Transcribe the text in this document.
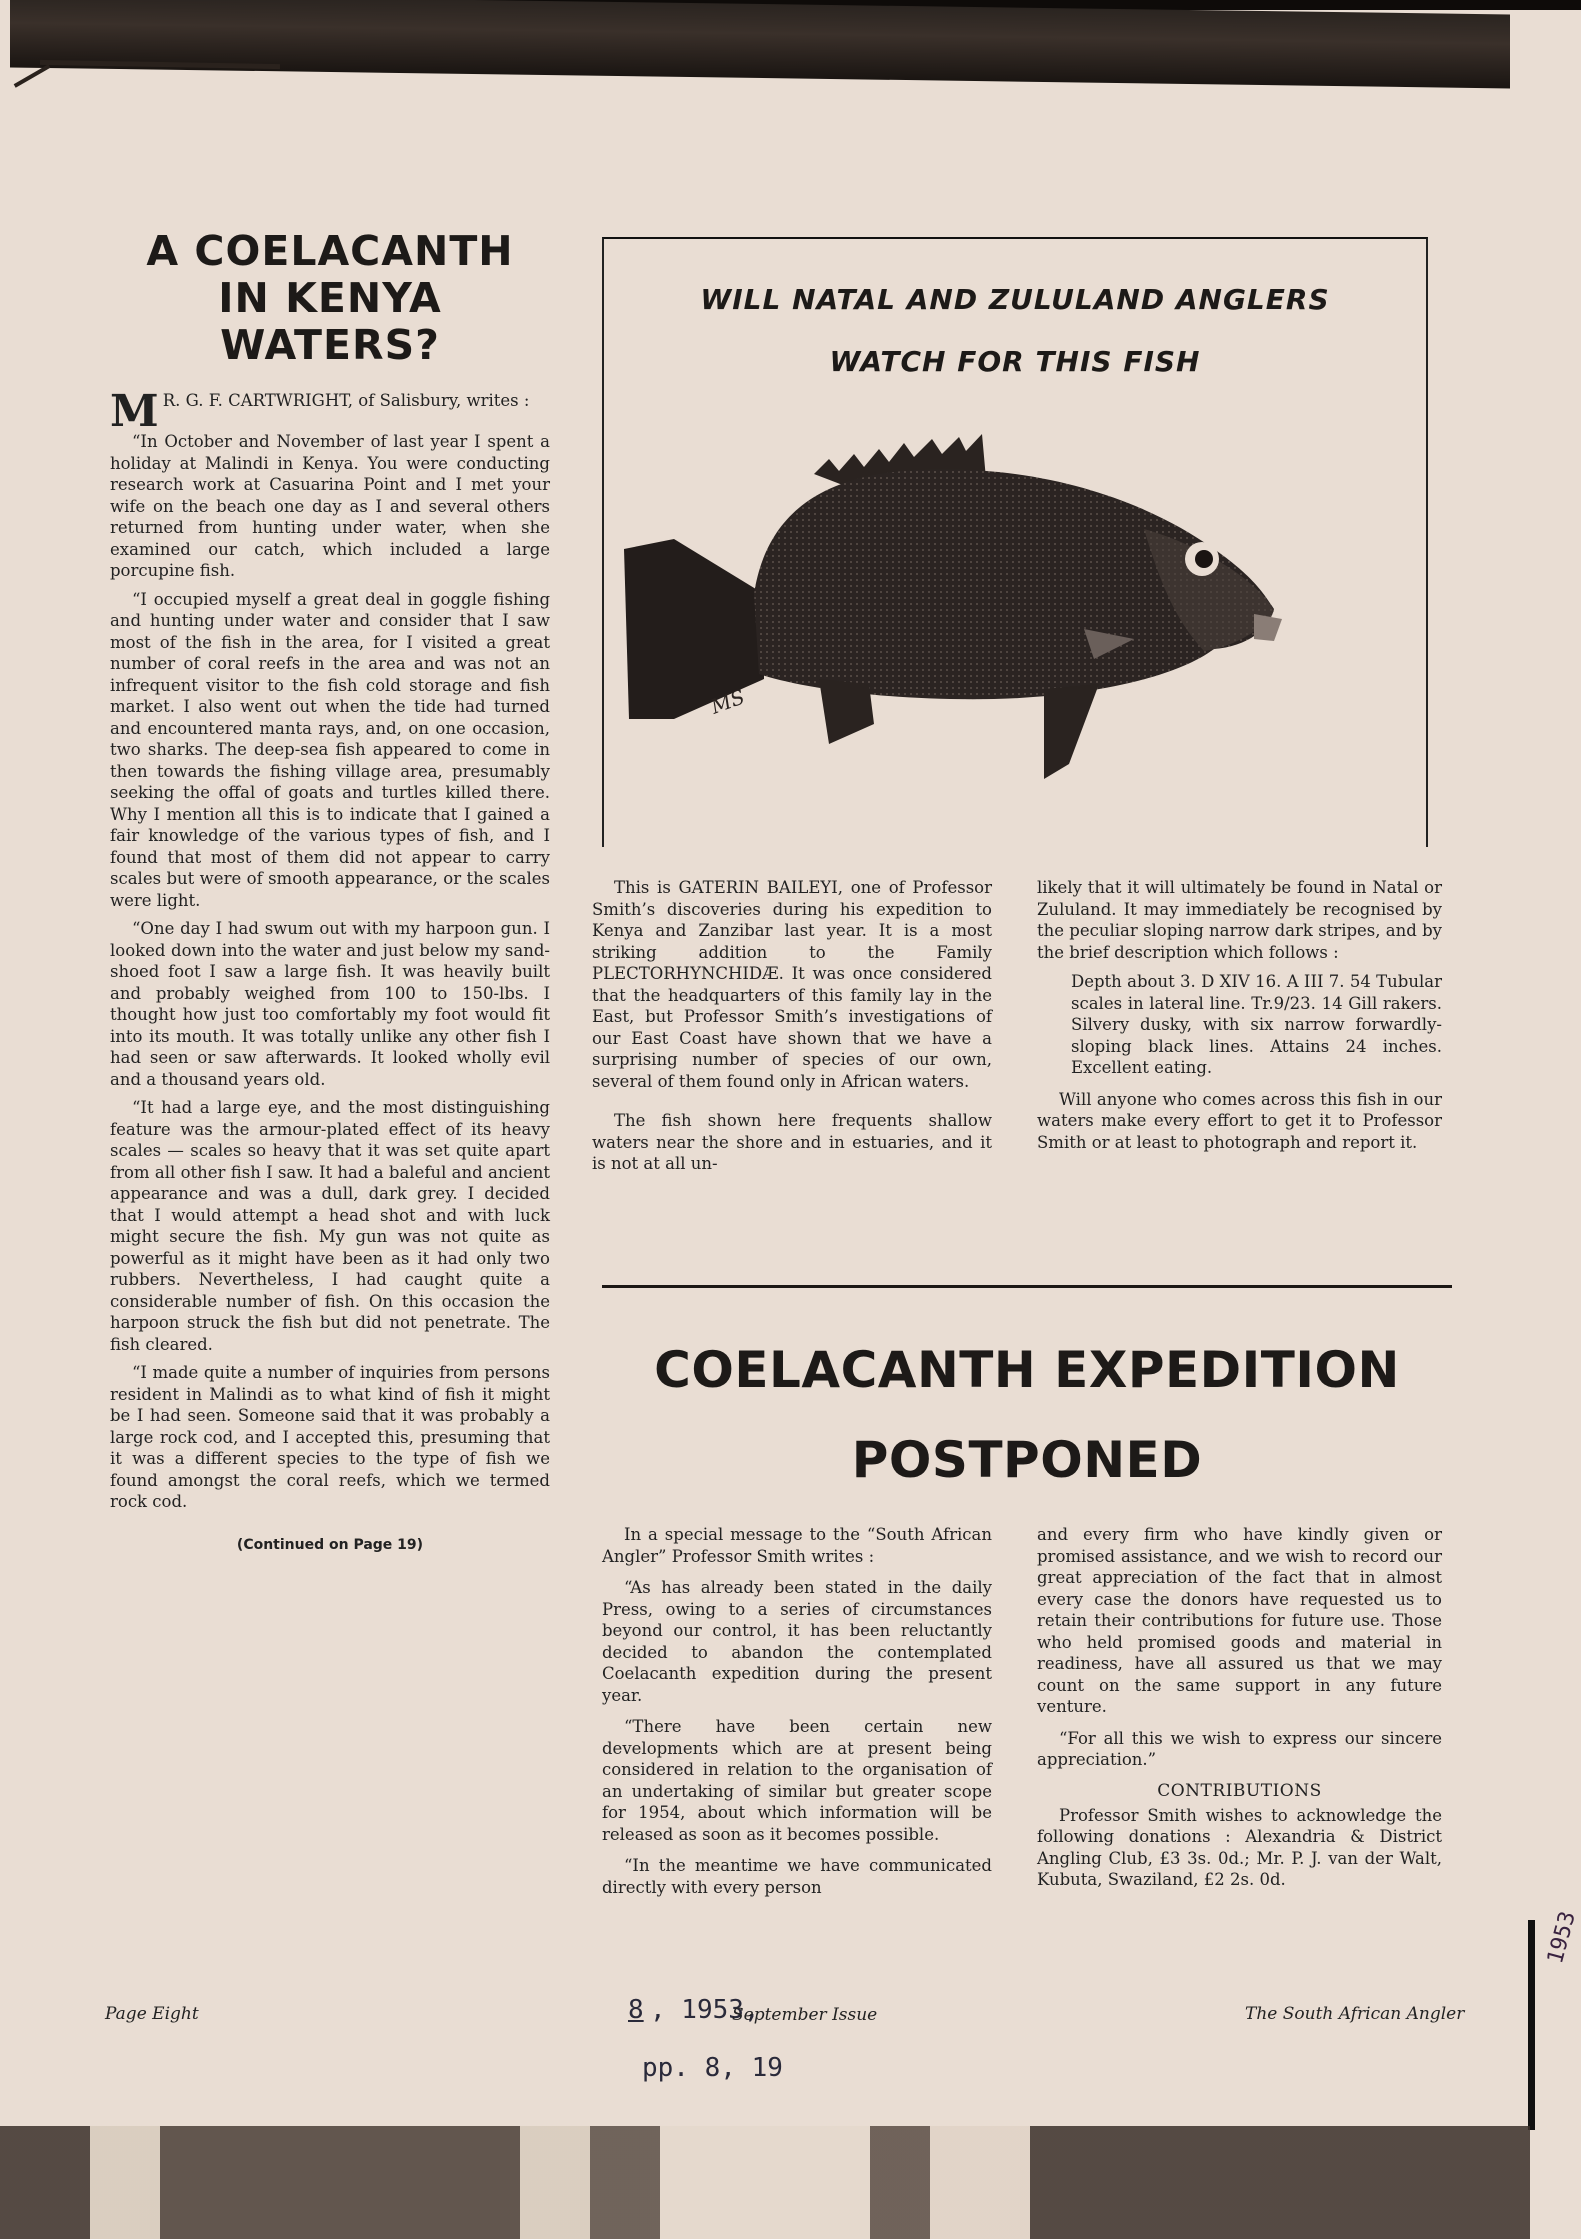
A COELACANTH
IN KENYA
WATERS?
M R. G. F. CARTWRIGHT, of Salisbury, writes :

“In October and November of last year I spent a holiday at Malindi in Kenya. You were conducting research work at Casuarina Point and I met your wife on the beach one day as I and several others returned from hunting under water, when she examined our catch, which included a large porcupine fish.

“I occupied myself a great deal in goggle fishing and hunting under water and consider that I saw most of the fish in the area, for I visited a great number of coral reefs in the area and was not an infrequent visitor to the fish cold storage and fish market. I also went out when the tide had turned and encountered manta rays, and, on one occasion, two sharks. The deep-sea fish appeared to come in then towards the fishing village area, presumably seeking the offal of goats and turtles killed there. Why I mention all this is to indicate that I gained a fair knowledge of the various types of fish, and I found that most of them did not appear to carry scales but were of smooth appearance, or the scales were light.

“One day I had swum out with my harpoon gun. I looked down into the water and just below my sand-shoed foot I saw a large fish. It was heavily built and probably weighed from 100 to 150-lbs. I thought how just too comfortably my foot would fit into its mouth. It was totally unlike any other fish I had seen or saw afterwards. It looked wholly evil and a thousand years old.

“It had a large eye, and the most distinguishing feature was the armour-plated effect of its heavy scales — scales so heavy that it was set quite apart from all other fish I saw. It had a baleful and ancient appearance and was a dull, dark grey. I decided that I would attempt a head shot and with luck might secure the fish. My gun was not quite as powerful as it might have been as it had only two rubbers. Nevertheless, I had caught quite a considerable number of fish. On this occasion the harpoon struck the fish but did not penetrate. The fish cleared.

“I made quite a number of inquiries from persons resident in Malindi as to what kind of fish it might be I had seen. Someone said that it was probably a large rock cod, and I accepted this, presuming that it was a different species to the type of fish we found amongst the coral reefs, which we termed rock cod.

(Continued on Page 19)
WILL NATAL AND ZULULAND ANGLERS
WATCH FOR THIS FISH
MS

This is GATERIN BAILEYI, one of Professor Smith’s discoveries during his expedition to Kenya and Zanzibar last year. It is a most striking addition to the Family PLECTORHYNCHIDÆ. It was once considered that the headquarters of this family lay in the East, but Professor Smith’s investigations of our East Coast have shown that we have a surprising number of species of our own, several of them found only in African waters.

The fish shown here frequents shallow waters near the shore and in estuaries, and it is not at all un-

likely that it will ultimately be found in Natal or Zululand. It may immediately be recognised by the peculiar sloping narrow dark stripes, and by the brief description which follows :

Depth about 3. D XIV 16. A III 7. 54 Tubular scales in lateral line. Tr.9/23. 14 Gill rakers. Silvery dusky, with six narrow forwardly-sloping black lines. Attains 24 inches. Excellent eating.

Will anyone who comes across this fish in our waters make every effort to get it to Professor Smith or at least to photograph and report it.

COELACANTH EXPEDITION
POSTPONED

In a special message to the “South African Angler” Professor Smith writes :

“As has already been stated in the daily Press, owing to a series of circumstances beyond our control, it has been reluctantly decided to abandon the contemplated Coelacanth expedition during the present year.

“There have been certain new developments which are at present being considered in relation to the organisation of an undertaking of similar but greater scope for 1954, about which information will be released as soon as it becomes possible.

“In the meantime we have communicated directly with every person

and every firm who have kindly given or promised assistance, and we wish to record our great appreciation of the fact that in almost every case the donors have requested us to retain their contributions for future use. Those who held promised goods and material in readiness, have all assured us that we may count on the same support in any future venture.

“For all this we wish to express our sincere appreciation.”

CONTRIBUTIONS

Professor Smith wishes to acknowledge the following donations : Alexandria & District Angling Club, £3 3s. 0d.; Mr. P. J. van der Walt, Kubuta, Swaziland, £2 2s. 0d.

Page Eight	8 , 1953,
September Issue
pp. 8, 19
The South African Angler
1953
